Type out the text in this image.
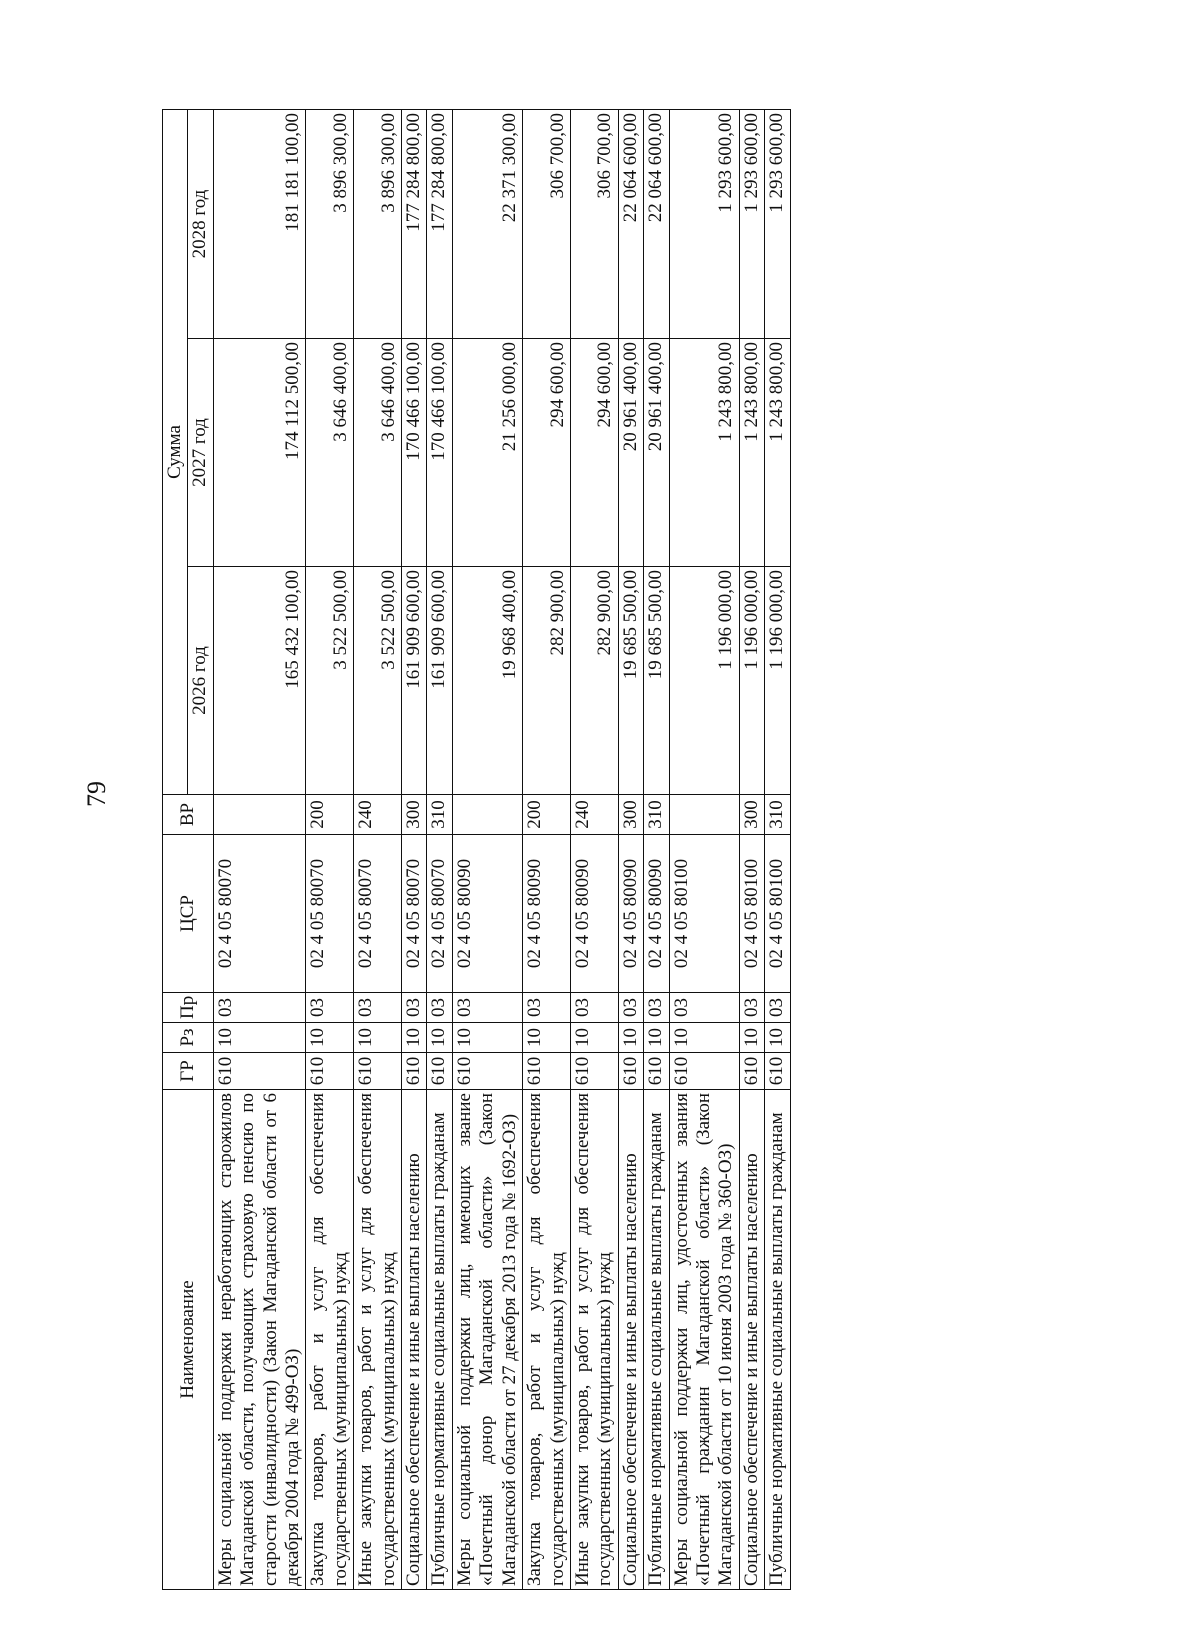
79
Наименование	ГР	Рз	Пр	ЦСР	ВР	Сумма		
						2026 год	2027 год	2028 год
Меры социальной поддержки неработающих старожилов Магаданской области, получающих страховую пенсию по старости (инвалидности) (Закон Магаданской области от 6 декабря 2004 года № 499-ОЗ)	610	10	03	02 4 05 80070		165 432 100,00	174 112 500,00	181 181 100,00
Закупка товаров, работ и услуг для обеспечения государственных (муниципальных) нужд	610	10	03	02 4 05 80070	200	3 522 500,00	3 646 400,00	3 896 300,00
Иные закупки товаров, работ и услуг для обеспечения государственных (муниципальных) нужд	610	10	03	02 4 05 80070	240	3 522 500,00	3 646 400,00	3 896 300,00
Социальное обеспечение и иные выплаты населению	610	10	03	02 4 05 80070	300	161 909 600,00	170 466 100,00	177 284 800,00
Публичные нормативные социальные выплаты гражданам	610	10	03	02 4 05 80070	310	161 909 600,00	170 466 100,00	177 284 800,00
Меры социальной поддержки лиц, имеющих звание «Почетный донор Магаданской области» (Закон Магаданской области от 27 декабря 2013 года № 1692-ОЗ)	610	10	03	02 4 05 80090		19 968 400,00	21 256 000,00	22 371 300,00
Закупка товаров, работ и услуг для обеспечения государственных (муниципальных) нужд	610	10	03	02 4 05 80090	200	282 900,00	294 600,00	306 700,00
Иные закупки товаров, работ и услуг для обеспечения государственных (муниципальных) нужд	610	10	03	02 4 05 80090	240	282 900,00	294 600,00	306 700,00
Социальное обеспечение и иные выплаты населению	610	10	03	02 4 05 80090	300	19 685 500,00	20 961 400,00	22 064 600,00
Публичные нормативные социальные выплаты гражданам	610	10	03	02 4 05 80090	310	19 685 500,00	20 961 400,00	22 064 600,00
Меры социальной поддержки лиц, удостоенных звания «Почетный гражданин Магаданской области» (Закон Магаданской области от 10 июня 2003 года № 360-ОЗ)	610	10	03	02 4 05 80100		1 196 000,00	1 243 800,00	1 293 600,00
Социальное обеспечение и иные выплаты населению	610	10	03	02 4 05 80100	300	1 196 000,00	1 243 800,00	1 293 600,00
Публичные нормативные социальные выплаты гражданам	610	10	03	02 4 05 80100	310	1 196 000,00	1 243 800,00	1 293 600,00
